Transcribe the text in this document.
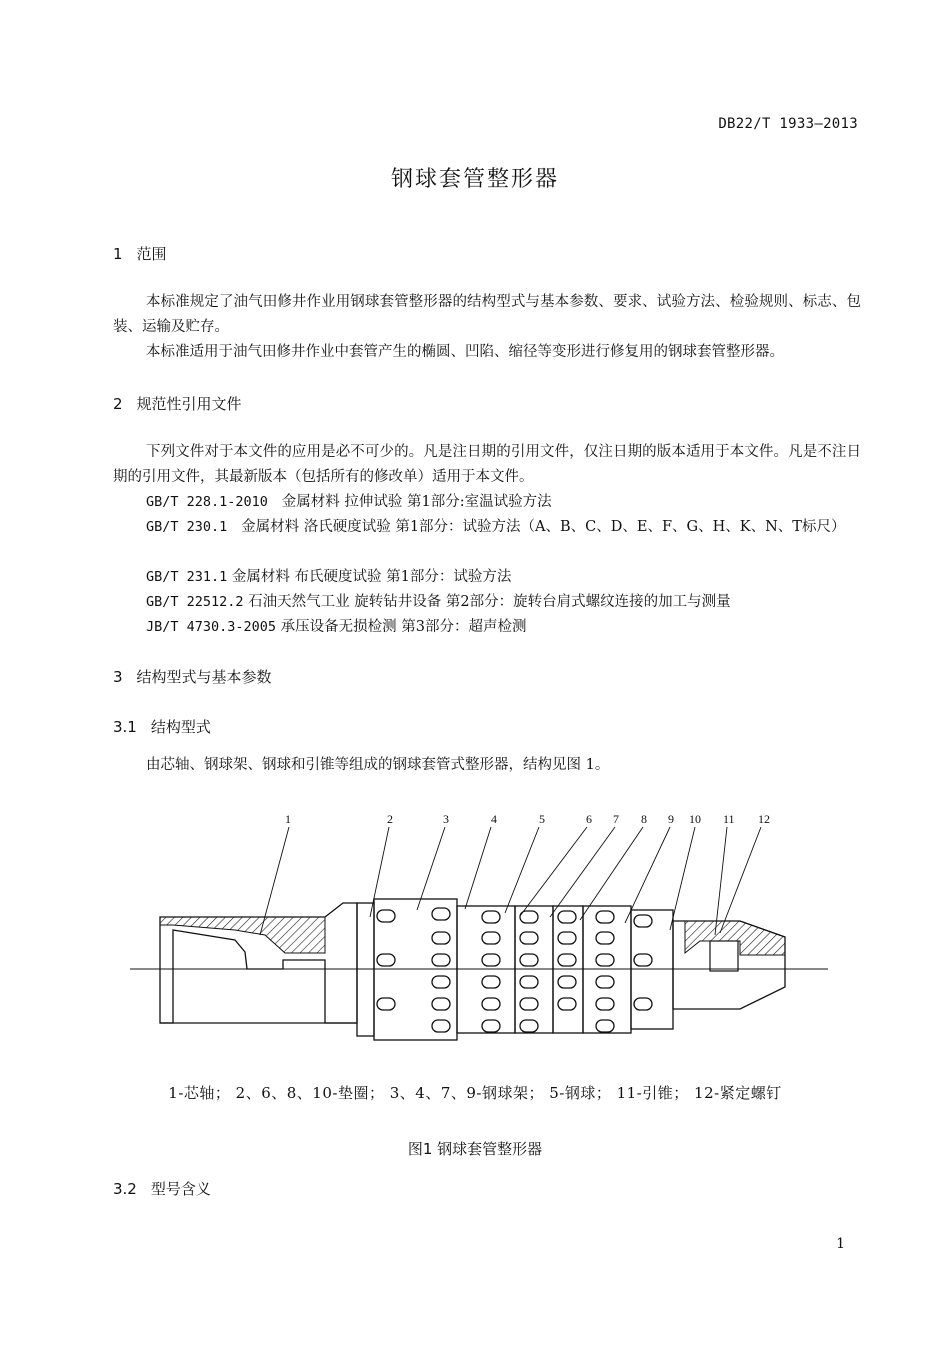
DB22/T 1933—2013
钢球套管整形器
1 范围
本标准规定了油气田修井作业用钢球套管整形器的结构型式与基本参数、要求、试验方法、检验规则、标志、包装、运输及贮存。
本标准适用于油气田修井作业中套管产生的椭圆、凹陷、缩径等变形进行修复用的钢球套管整形器。
2 规范性引用文件
下列文件对于本文件的应用是必不可少的。凡是注日期的引用文件，仅注日期的版本适用于本文件。凡是不注日期的引用文件，其最新版本（包括所有的修改单）适用于本文件。
GB/T 228.1-2010 金属材料 拉伸试验 第1部分:室温试验方法
GB/T 230.1 金属材料 洛氏硬度试验 第1部分：试验方法（A、B、C、D、E、F、G、H、K、N、T标尺）
GB/T 231.1 金属材料 布氏硬度试验 第1部分：试验方法
GB/T 22512.2 石油天然气工业 旋转钻井设备 第2部分：旋转台肩式螺纹连接的加工与测量
JB/T 4730.3-2005 承压设备无损检测 第3部分：超声检测
3 结构型式与基本参数
3.1 结构型式
由芯轴、钢球架、钢球和引锥等组成的钢球套管式整形器，结构见图 1。
1	2	3	4	5	6 7 8 9 10 11 12
1-芯轴； 2、6、8、10-垫圈； 3、4、7、9-钢球架； 5-钢球； 11-引锥； 12-紧定螺钉
图1 钢球套管整形器
3.2 型号含义
1
